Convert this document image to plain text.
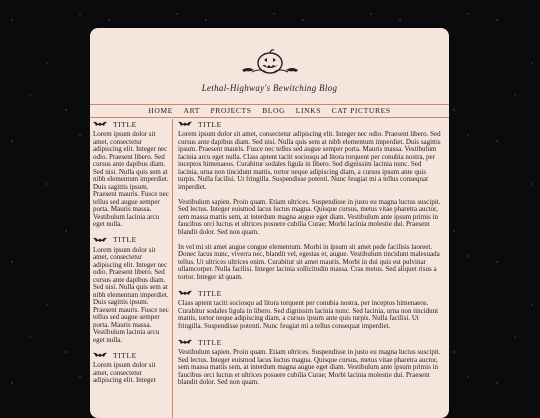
Lethal-Highway's Bewitching Blog
HOME ART PROJECTS BLOG LINKS CAT PICTURES
TITLE

Lorem ipsum dolor sit amet, consectetur adipiscing elit. Integer nec odio. Praesent libero. Sed cursus ante dapibus diam. Sed nisi. Nulla quis sem at nibh elementum imperdiet. Duis sagittis ipsum. Praesent mauris. Fusce nec tellus sed augue semper porta. Mauris massa. Vestibulum lacinia arcu eget nulla.

TITLE

Lorem ipsum dolor sit amet, consectetur adipiscing elit. Integer nec odio. Praesent libero. Sed cursus ante dapibus diam. Sed nisi. Nulla quis sem at nibh elementum imperdiet. Duis sagittis ipsum. Praesent mauris. Fusce nec tellus sed augue semper porta. Mauris massa. Vestibulum lacinia arcu eget nulla.

TITLE

Lorem ipsum dolor sit amet, consectetur adipiscing elit. Integer

TITLE

Lorem ipsum dolor sit amet, consectetur adipiscing elit. Integer nec odio. Praesent libero. Sed cursus ante dapibus diam. Sed nisi. Nulla quis sem at nibh elementum imperdiet. Duis sagittis ipsum. Praesent mauris. Fusce nec tellus sed augue semper porta. Mauris massa. Vestibulum lacinia arcu eget nulla. Class aptent taciti sociosqu ad litora torquent per conubia nostra, per inceptos himenaeos. Curabitur sodales ligula in libero. Sed dignissim lacinia nunc. Sed lacinia, urna non tincidunt mattis, tortor neque adipiscing diam, a cursus ipsum ante quis turpis. Nulla facilisi. Ut fringilla. Suspendisse potenti. Nunc feugiat mi a tellus consequat imperdiet.

Vestibulum sapien. Proin quam. Etiam ultrices. Suspendisse in justo eu magna luctus suscipit. Sed lectus. Integer euismod lacus luctus magna. Quisque cursus, metus vitae pharetra auctor, sem massa mattis sem, at interdum magna augue eget diam. Vestibulum ante ipsum primis in faucibus orci luctus et ultrices posuere cubilia Curae; Morbi lacinia molestie dui. Praesent blandit dolor. Sed non quam.

In vel mi sit amet augue congue elementum. Morbi in ipsum sit amet pede facilisis laoreet. Donec lacus nunc, viverra nec, blandit vel, egestas et, augue. Vestibulum tincidunt malesuada tellus. Ut ultrices ultrices enim. Curabitur sit amet mauris. Morbi in dui quis est pulvinar ullamcorper. Nulla facilisi. Integer lacinia sollicitudin massa. Cras metus. Sed aliquet risus a tortor. Integer id quam.

TITLE

Class aptent taciti sociosqu ad litora torquent per conubia nostra, per inceptos himenaeos. Curabitur sodales ligula in libero. Sed dignissim lacinia nunc. Sed lacinia, urna non tincidunt mattis, tortor neque adipiscing diam, a cursus ipsum ante quis turpis. Nulla facilisi. Ut fringilla. Suspendisse potenti. Nunc feugiat mi a tellus consequat imperdiet.

TITLE

Vestibulum sapien. Proin quam. Etiam ultrices. Suspendisse in justo eu magna luctus suscipit. Sed lectus. Integer euismod lacus luctus magna. Quisque cursus, metus vitae pharetra auctor, sem massa mattis sem, at interdum magna augue eget diam. Vestibulum ante ipsum primis in faucibus orci luctus et ultrices posuere cubilia Curae; Morbi lacinia molestie dui. Praesent blandit dolor. Sed non quam.
